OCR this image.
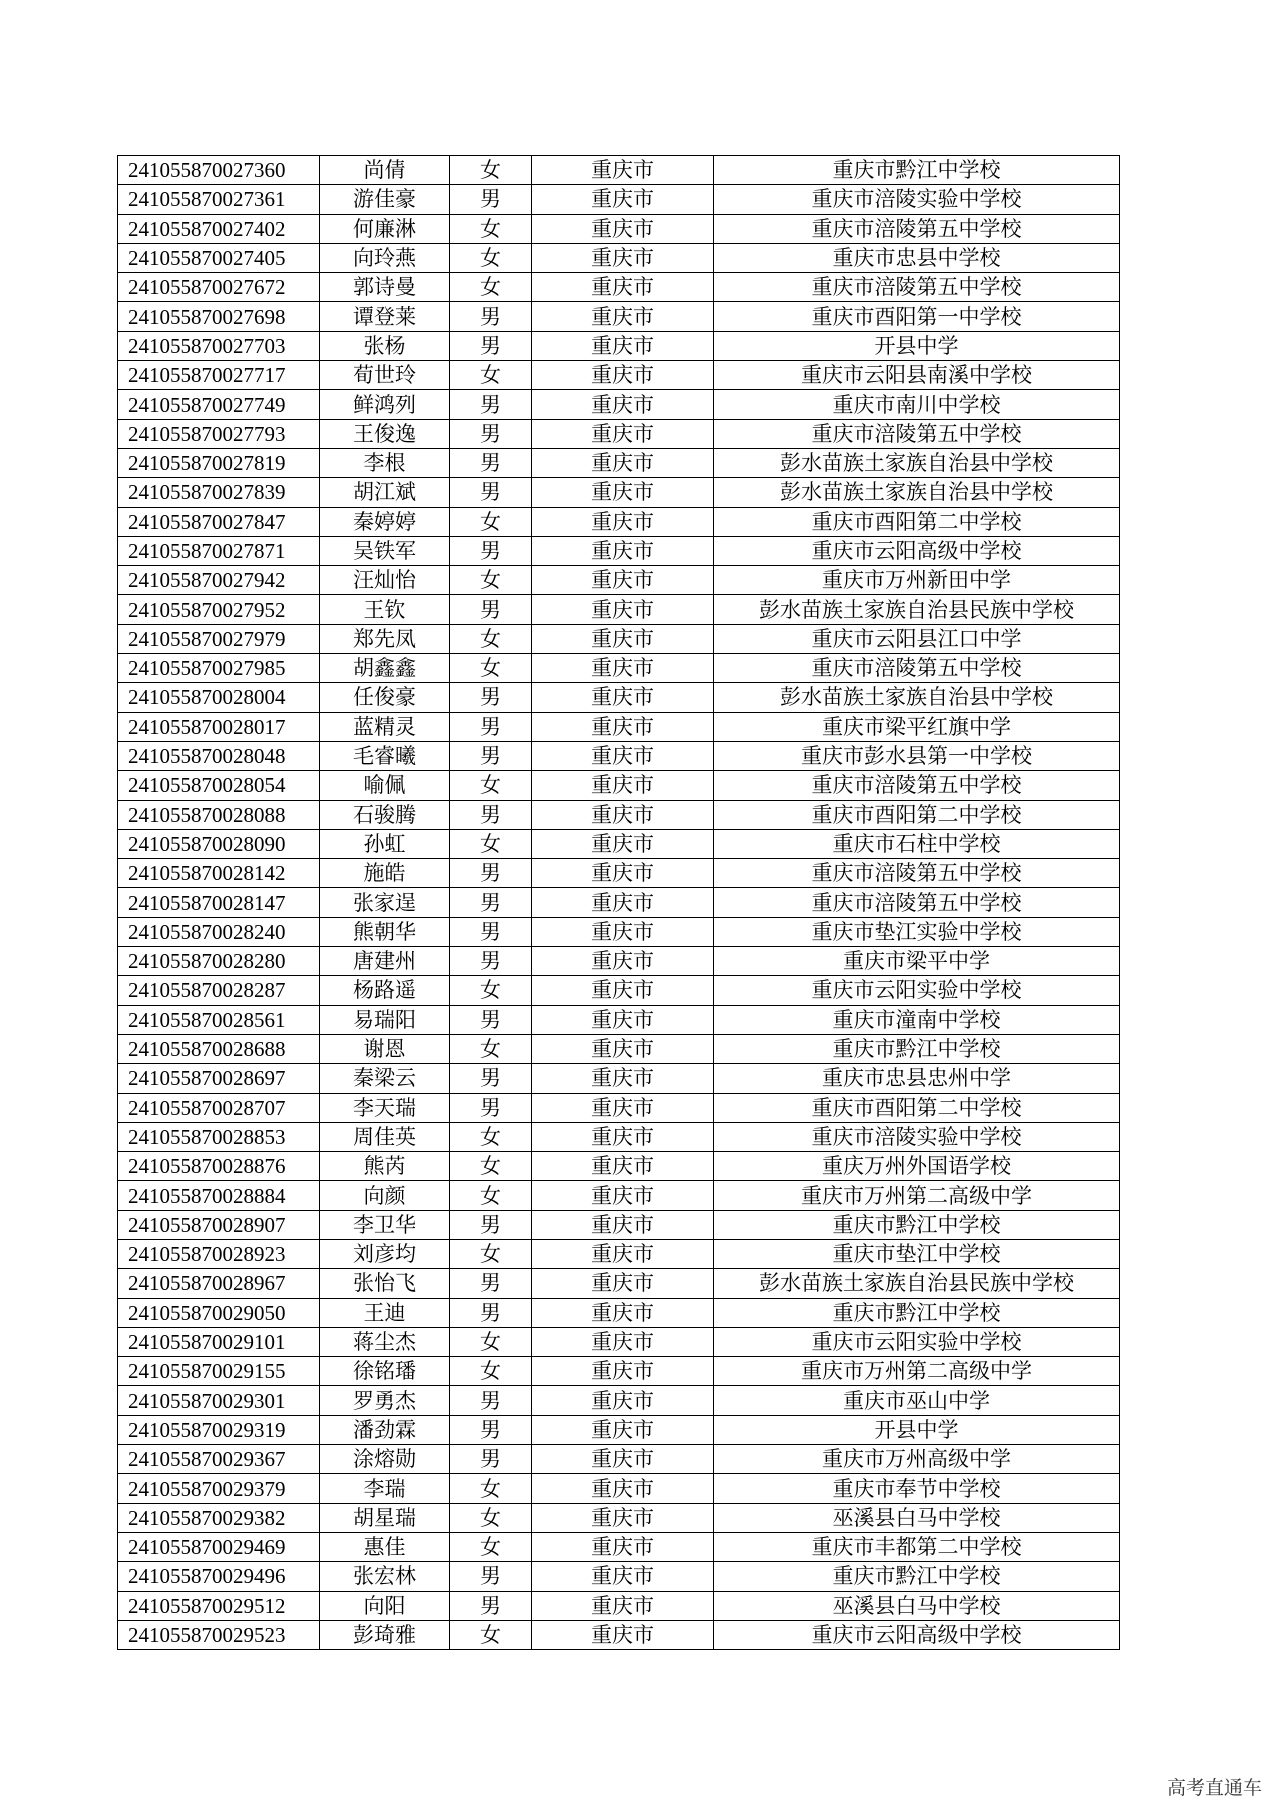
241055870027360	尚倩	女	重庆市	重庆市黔江中学校
241055870027361	游佳豪	男	重庆市	重庆市涪陵实验中学校
241055870027402	何廉淋	女	重庆市	重庆市涪陵第五中学校
241055870027405	向玲燕	女	重庆市	重庆市忠县中学校
241055870027672	郭诗曼	女	重庆市	重庆市涪陵第五中学校
241055870027698	谭登莱	男	重庆市	重庆市酉阳第一中学校
241055870027703	张杨	男	重庆市	开县中学
241055870027717	荀世玲	女	重庆市	重庆市云阳县南溪中学校
241055870027749	鲜鸿列	男	重庆市	重庆市南川中学校
241055870027793	王俊逸	男	重庆市	重庆市涪陵第五中学校
241055870027819	李根	男	重庆市	彭水苗族土家族自治县中学校
241055870027839	胡江斌	男	重庆市	彭水苗族土家族自治县中学校
241055870027847	秦婷婷	女	重庆市	重庆市酉阳第二中学校
241055870027871	吴铁军	男	重庆市	重庆市云阳高级中学校
241055870027942	汪灿怡	女	重庆市	重庆市万州新田中学
241055870027952	王钦	男	重庆市	彭水苗族土家族自治县民族中学校
241055870027979	郑先凤	女	重庆市	重庆市云阳县江口中学
241055870027985	胡鑫鑫	女	重庆市	重庆市涪陵第五中学校
241055870028004	任俊豪	男	重庆市	彭水苗族土家族自治县中学校
241055870028017	蓝精灵	男	重庆市	重庆市梁平红旗中学
241055870028048	毛睿曦	男	重庆市	重庆市彭水县第一中学校
241055870028054	喻佩	女	重庆市	重庆市涪陵第五中学校
241055870028088	石骏腾	男	重庆市	重庆市酉阳第二中学校
241055870028090	孙虹	女	重庆市	重庆市石柱中学校
241055870028142	施皓	男	重庆市	重庆市涪陵第五中学校
241055870028147	张家逞	男	重庆市	重庆市涪陵第五中学校
241055870028240	熊朝华	男	重庆市	重庆市垫江实验中学校
241055870028280	唐建州	男	重庆市	重庆市梁平中学
241055870028287	杨路遥	女	重庆市	重庆市云阳实验中学校
241055870028561	易瑞阳	男	重庆市	重庆市潼南中学校
241055870028688	谢恩	女	重庆市	重庆市黔江中学校
241055870028697	秦梁云	男	重庆市	重庆市忠县忠州中学
241055870028707	李天瑞	男	重庆市	重庆市酉阳第二中学校
241055870028853	周佳英	女	重庆市	重庆市涪陵实验中学校
241055870028876	熊芮	女	重庆市	重庆万州外国语学校
241055870028884	向颜	女	重庆市	重庆市万州第二高级中学
241055870028907	李卫华	男	重庆市	重庆市黔江中学校
241055870028923	刘彦均	女	重庆市	重庆市垫江中学校
241055870028967	张怡飞	男	重庆市	彭水苗族土家族自治县民族中学校
241055870029050	王迪	男	重庆市	重庆市黔江中学校
241055870029101	蒋尘杰	女	重庆市	重庆市云阳实验中学校
241055870029155	徐铭璠	女	重庆市	重庆市万州第二高级中学
241055870029301	罗勇杰	男	重庆市	重庆市巫山中学
241055870029319	潘劲霖	男	重庆市	开县中学
241055870029367	涂熔勋	男	重庆市	重庆市万州高级中学
241055870029379	李瑞	女	重庆市	重庆市奉节中学校
241055870029382	胡星瑞	女	重庆市	巫溪县白马中学校
241055870029469	惠佳	女	重庆市	重庆市丰都第二中学校
241055870029496	张宏林	男	重庆市	重庆市黔江中学校
241055870029512	向阳	男	重庆市	巫溪县白马中学校
241055870029523	彭琦雅	女	重庆市	重庆市云阳高级中学校
高考直通车
